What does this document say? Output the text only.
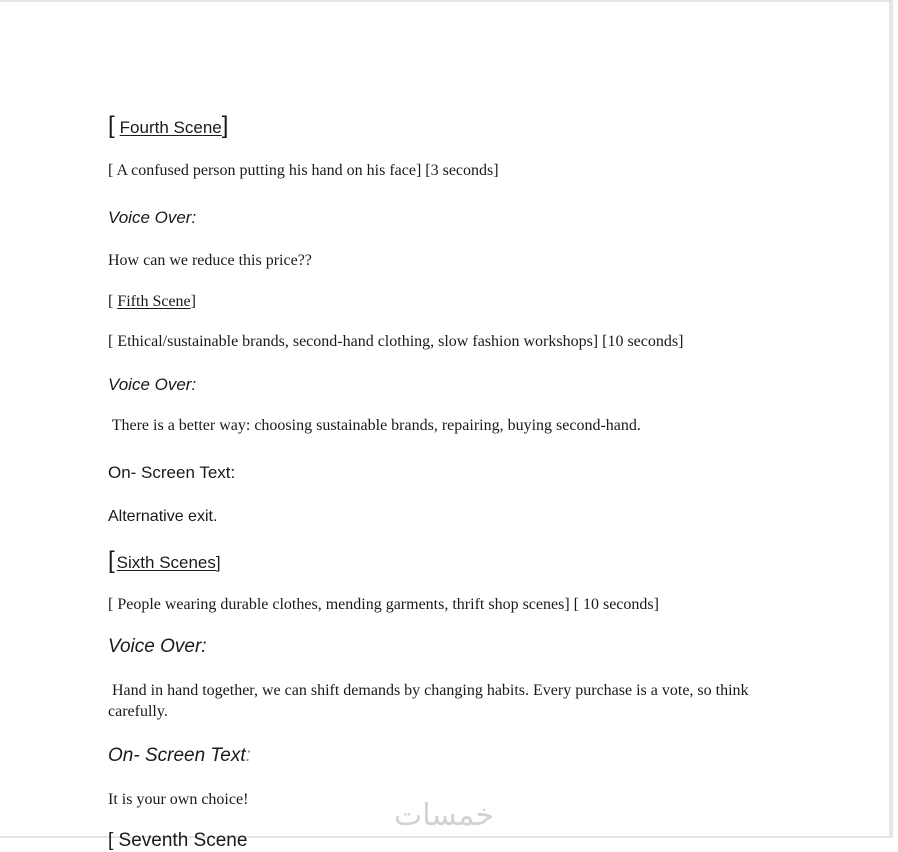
[ Fourth Scene]
[ A confused person putting his hand on his face] [3 seconds]
Voice Over:
How can we reduce this price??
[ Fifth Scene]
[ Ethical/sustainable brands, second-hand clothing, slow fashion workshops] [10 seconds]
Voice Over:
There is a better way: choosing sustainable brands, repairing, buying second-hand.
On- Screen Text:
Alternative exit.
[ Sixth Scenes]
[ People wearing durable clothes, mending garments, thrift shop scenes] [ 10 seconds]
Voice Over:
Hand in hand together, we can shift demands by changing habits. Every purchase is a vote, so think carefully.
On- Screen Text:
It is your own choice!
[ Seventh Scene
خمسات
